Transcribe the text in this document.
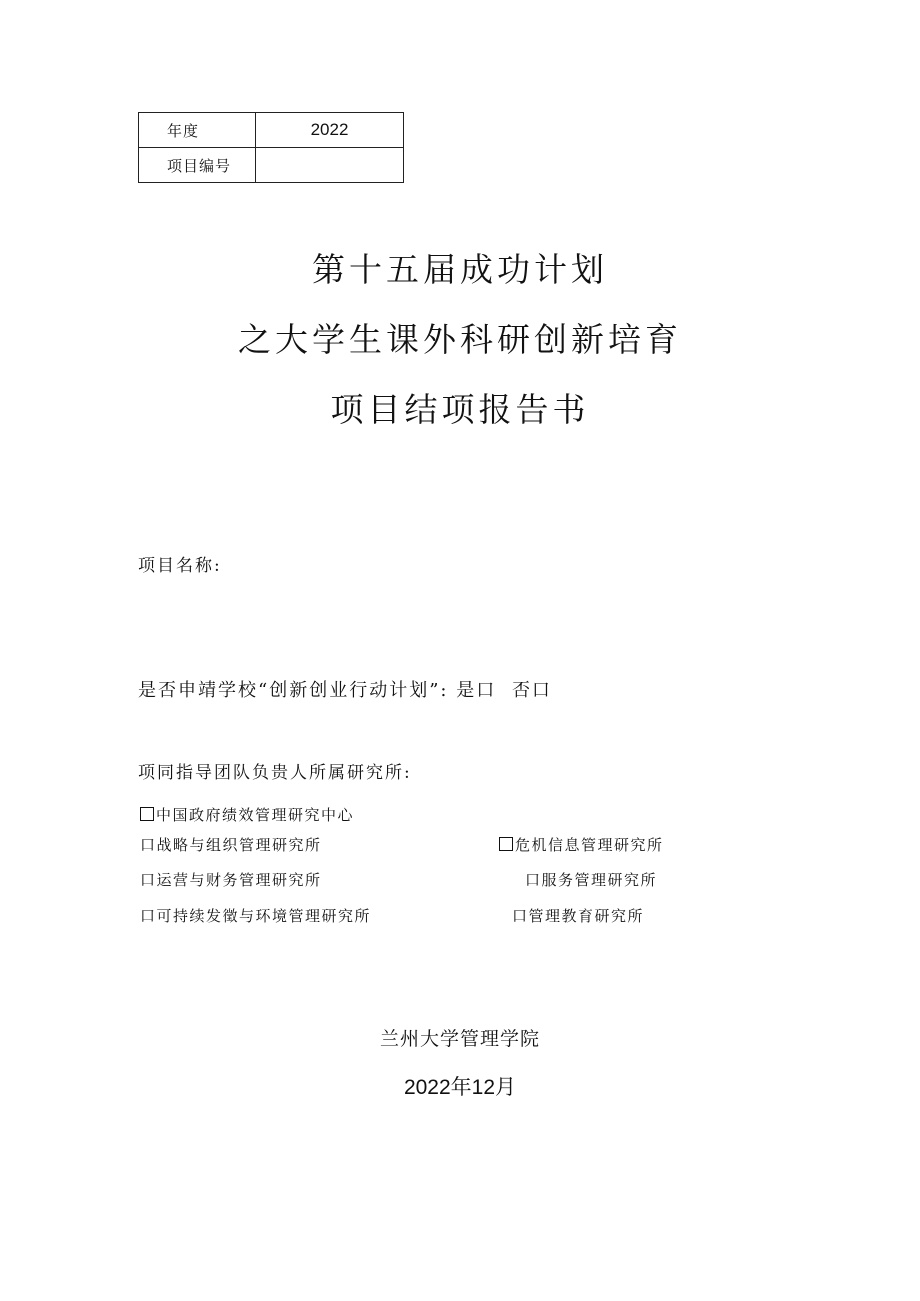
年度	2022
项目编号	
第十五届成功计划
之大学生课外科研创新培育
项目结项报告书
项目名称:
是否申靖学校“创新创业行动计划”: 是口 否口
项同指导团队负贵人所属研究所:
中国政府绩效管理研究中心
口战略与组织管理研究所	危机信息管理研究所
口运营与财务管理研究所	口服务管理研究所
口可持续发徵与环境管理研究所	口管理教育研究所
兰州大学管理学院
2022年12月
